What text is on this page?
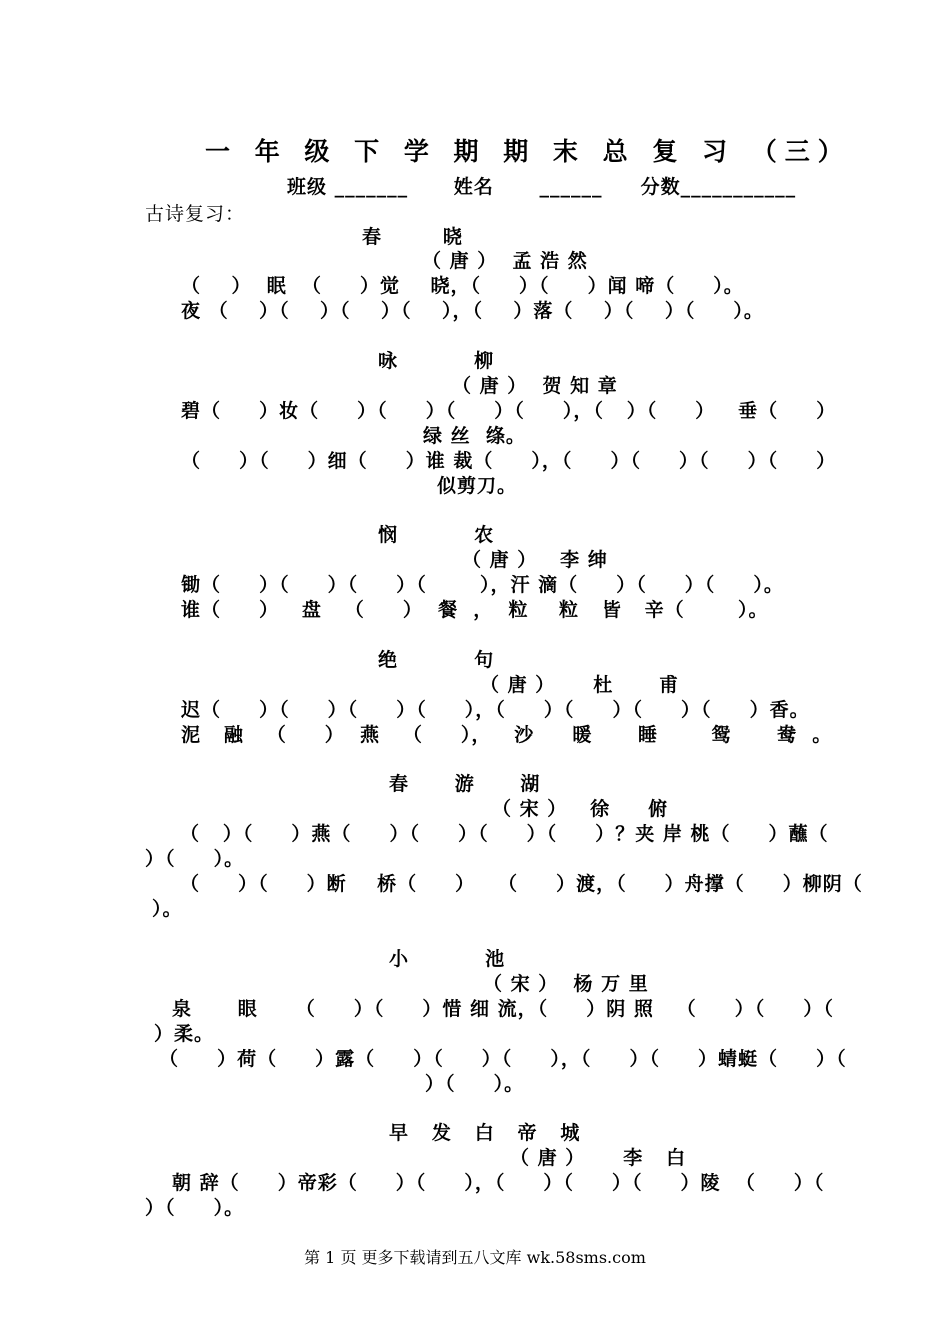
一 年 级 下 学 期 期 末 总 复 习 （三）
班级 _______      姓名      ______     分数___________
古诗复习：
春        晓
（ 唐 ）  孟 浩 然
（    ）  眠  （     ）觉    晓，（     ）（     ）闻 啼（     ）。
夜 （    ）（    ）（    ）（    ），（    ）落（    ）（    ）（     ）。
咏          柳
（ 唐 ）  贺 知 章
碧（     ）妆（     ）（     ）（     ）（     ），（   ）（     ）   垂（     ）
绿 丝  绦。
（     ）（     ）细（     ）谁 裁（     ），（     ）（     ）（     ）（     ）
似剪刀。
悯          农
（ 唐 ）   李 绅
锄（     ）（     ）（     ）（       ），汗 滴（     ）（     ）（     ）。
谁（     ）   盘   （     ）  餐  ，  粒    粒   皆   辛（       ）。
绝          句
（ 唐 ）     杜      甫
迟（     ）（     ）（     ）（     ），（     ）（     ）（     ）（     ）香。
泥   融   （     ）  燕   （     ），   沙     暖      睡       鸳      鸯  。
春      游      湖
（ 宋 ）   徐     俯
（   ）（     ）燕（     ）（     ）（     ）（     ）？夹 岸 桃（     ）蘸（
）（     ）。
（     ）（     ）断    桥（     ）   （     ）渡，（     ）舟撑（     ）柳阴（
）。
小          池
（ 宋 ）  杨 万 里
泉      眼     （     ）（     ）惜 细 流，（     ）阴 照   （     ）（     ）（
）柔。
（     ）荷（     ）露（     ）（     ）（     ），（     ）（     ）蜻蜓（     ）（
）（     ）。
早   发   白   帝   城
（ 唐 ）     李   白
朝 辞（     ）帝彩（     ）（     ），（     ）（     ）（     ）陵  （     ）（
）（     ）。
第 1 页 更多下载请到五八文库 wk.58sms.com
